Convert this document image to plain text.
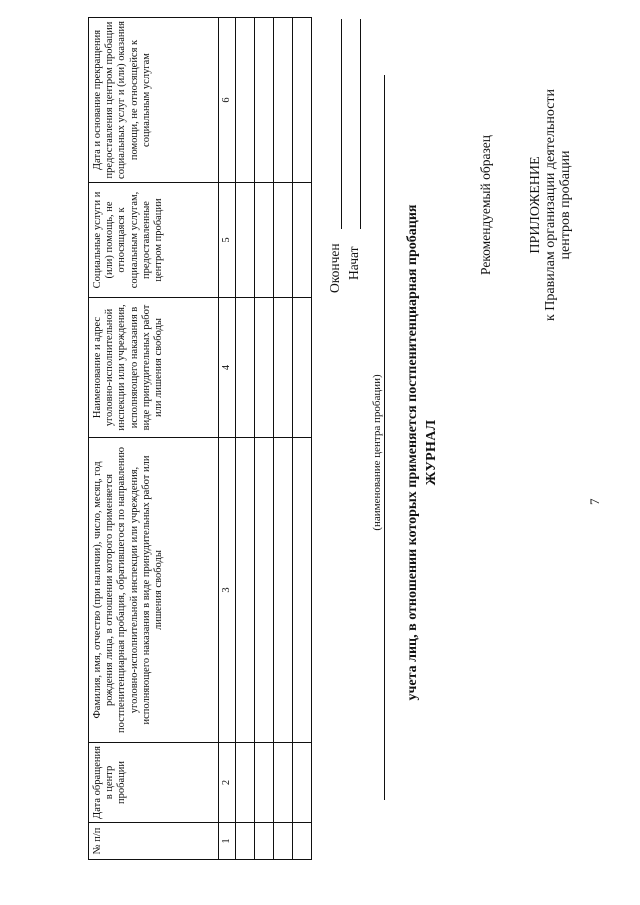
7
ПРИЛОЖЕНИЕ к Правилам организации деятельности центров пробации
Рекомендуемый образец
ЖУРНАЛ
учета лиц, в отношении которых применяется постпенитенциарная пробация
(наименование центра пробации)
Начат
Окончен
№ п/п	Дата обращения в центр пробации	Фамилия, имя, отчество (при наличии), число, месяц, год рождения лица, в отношении которого применяется постпенитенциарная пробация, обратившегося по направлению уголовно-исполнительной инспекции или учреждения, исполняющего наказания в виде принудительных работ или лишения свободы	Наименование и адрес уголовно-исполнительной инспекции или учреждения, исполняющего наказания в виде принудительных работ или лишения свободы	Социальные услуги и (или) помощь, не относящаяся к социальным услугам, предоставленные центром пробации	Дата и основание прекращения предоставления центром пробации социальных услуг и (или) оказания помощи, не относящейся к социальным услугам
1	2	3	4	5	6
